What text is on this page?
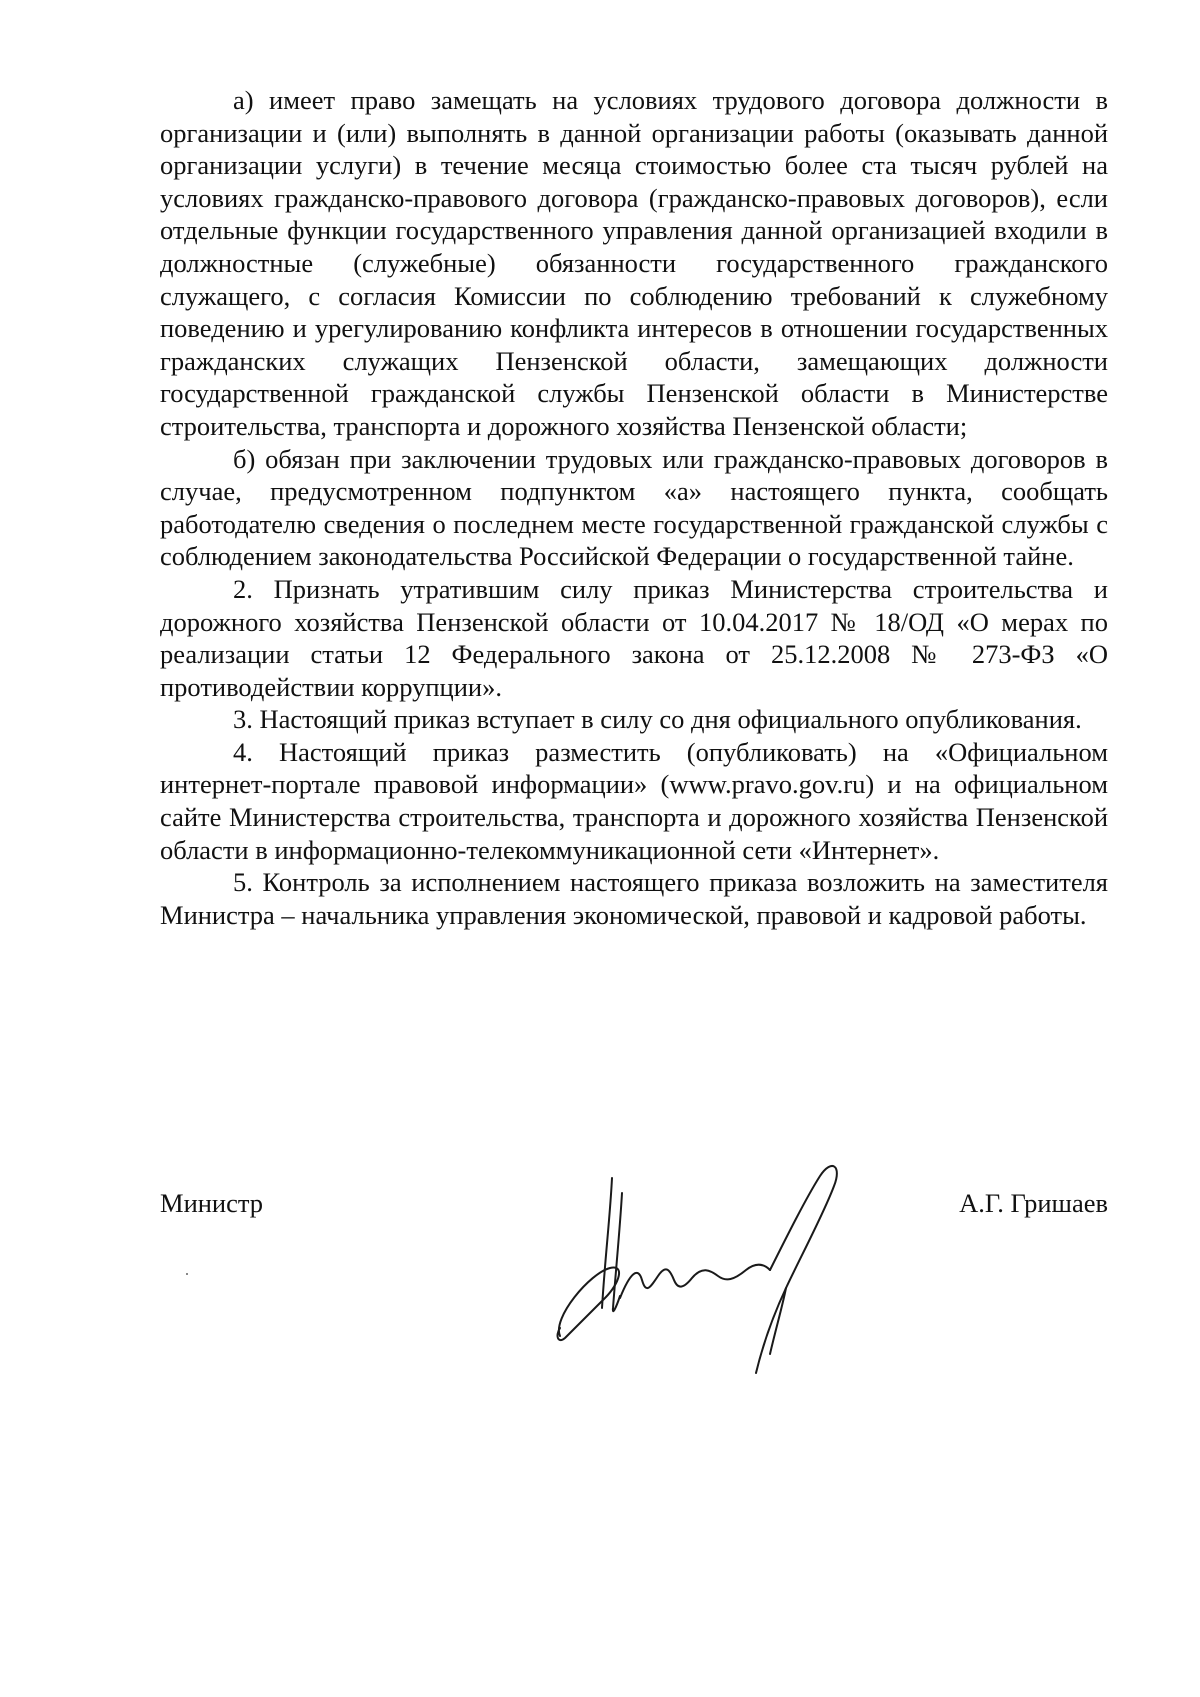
а) имеет право замещать на условиях трудового договора должности в организации и (или) выполнять в данной организации работы (оказывать данной организации услуги) в течение месяца стоимостью более ста тысяч рублей на условиях гражданско-правового договора (гражданско-правовых договоров), если отдельные функции государственного управления данной организацией входили в должностные (служебные) обязанности государственного гражданского служащего, с согласия Комиссии по соблюдению требований к служебному поведению и урегулированию конфликта интересов в отношении государственных гражданских служащих Пензенской области, замещающих должности государственной гражданской службы Пензенской области в Министерстве строительства, транспорта и дорожного хозяйства Пензенской области;

б) обязан при заключении трудовых или гражданско-правовых договоров в случае, предусмотренном подпунктом «а» настоящего пункта, сообщать работодателю сведения о последнем месте государственной гражданской службы с соблюдением законодательства Российской Федерации о государственной тайне.

2. Признать утратившим силу приказ Министерства строительства и дорожного хозяйства Пензенской области от 10.04.2017 № 18/ОД «О мерах по реализации статьи 12 Федерального закона от 25.12.2008 № 273-ФЗ «О противодействии коррупции».

3. Настоящий приказ вступает в силу со дня официального опубликования.

4. Настоящий приказ разместить (опубликовать) на «Официальном интернет-портале правовой информации» (www.pravo.gov.ru) и на официальном сайте Министерства строительства, транспорта и дорожного хозяйства Пензенской области в информационно-телекоммуникационной сети «Интернет».

5. Контроль за исполнением настоящего приказа возложить на заместителя Министра – начальника управления экономической, правовой и кадровой работы.

Министр	А.Г. Гришаев
